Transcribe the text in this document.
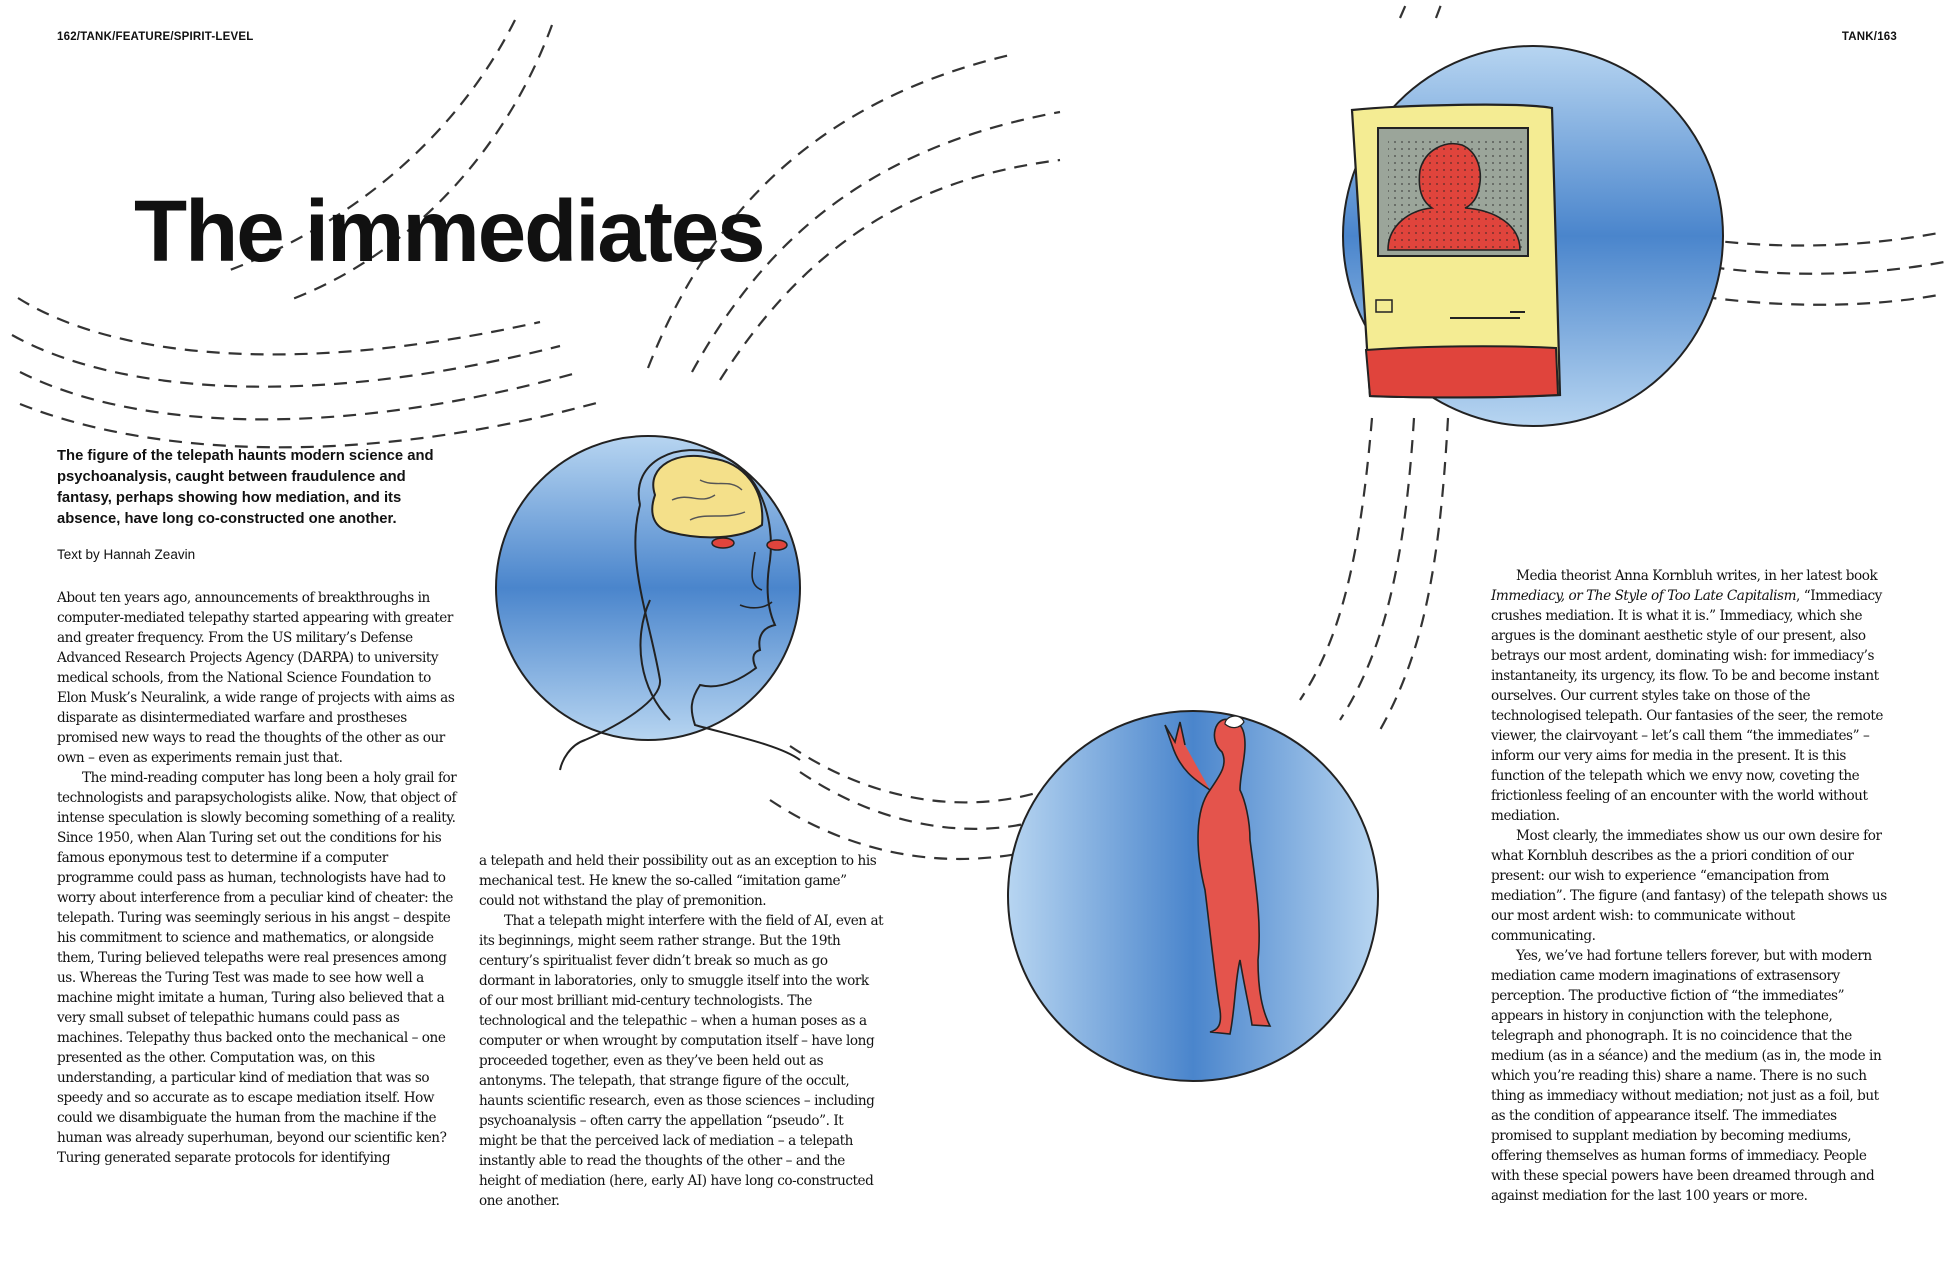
162/TANK/FEATURE/SPIRIT-LEVEL	TANK/163
The immediates

The figure of the telepath haunts modern science and psychoanalysis, caught between fraudulence and fantasy, perhaps showing how mediation, and its absence, have long co-constructed one another.

Text by Hannah Zeavin

About ten years ago, announcements of breakthroughs in computer-mediated telepathy started appearing with greater and greater frequency. From the US military’s Defense Advanced Research Projects Agency (DARPA) to university medical schools, from the National Science Foundation to Elon Musk’s Neuralink, a wide range of projects with aims as disparate as disintermediated warfare and prostheses promised new ways to read the thoughts of the other as our own – even as experiments remain just that.

The mind-reading computer has long been a holy grail for technologists and parapsychologists alike. Now, that object of intense speculation is slowly becoming something of a reality. Since 1950, when Alan Turing set out the conditions for his famous eponymous test to determine if a computer programme could pass as human, technologists have had to worry about interference from a peculiar kind of cheater: the telepath. Turing was seemingly serious in his angst – despite his commitment to science and mathematics, or alongside them, Turing believed telepaths were real presences among us. Whereas the Turing Test was made to see how well a machine might imitate a human, Turing also believed that a very small subset of telepathic humans could pass as machines. Telepathy thus backed onto the mechanical – one presented as the other. Computation was, on this understanding, a particular kind of mediation that was so speedy and so accurate as to escape mediation itself. How could we disambiguate the human from the machine if the human was already superhuman, beyond our scientific ken? Turing generated separate protocols for identifying

a telepath and held their possibility out as an exception to his mechanical test. He knew the so-called “imitation game” could not withstand the play of premonition.

That a telepath might interfere with the field of AI, even at its beginnings, might seem rather strange. But the 19th century’s spiritualist fever didn’t break so much as go dormant in laboratories, only to smuggle itself into the work of our most brilliant mid-century technologists. The technological and the telepathic – when a human poses as a computer or when wrought by computation itself – have long proceeded together, even as they’ve been held out as antonyms. The telepath, that strange figure of the occult, haunts scientific research, even as those sciences – including psychoanalysis – often carry the appellation “pseudo”. It might be that the perceived lack of mediation – a telepath instantly able to read the thoughts of the other – and the height of mediation (here, early AI) have long co-constructed one another.

Media theorist Anna Kornbluh writes, in her latest book Immediacy, or The Style of Too Late Capitalism, “Immediacy crushes mediation. It is what it is.” Immediacy, which she argues is the dominant aesthetic style of our present, also betrays our most ardent, dominating wish: for immediacy’s instantaneity, its urgency, its flow. To be and become instant ourselves. Our current styles take on those of the technologised telepath. Our fantasies of the seer, the remote viewer, the clairvoyant – let’s call them “the immediates” – inform our very aims for media in the present. It is this function of the telepath which we envy now, coveting the frictionless feeling of an encounter with the world without mediation.

Most clearly, the immediates show us our own desire for what Kornbluh describes as the a priori condition of our present: our wish to experience “emancipation from mediation”. The figure (and fantasy) of the telepath shows us our most ardent wish: to communicate without communicating.

Yes, we’ve had fortune tellers forever, but with modern mediation came modern imaginations of extrasensory perception. The productive fiction of “the immediates” appears in history in conjunction with the telephone, telegraph and phonograph. It is no coincidence that the medium (as in a séance) and the medium (as in, the mode in which you’re reading this) share a name. There is no such thing as immediacy without mediation; not just as a foil, but as the condition of appearance itself. The immediates promised to supplant mediation by becoming mediums, offering themselves as human forms of immediacy. People with these special powers have been dreamed through and against mediation for the last 100 years or more.
